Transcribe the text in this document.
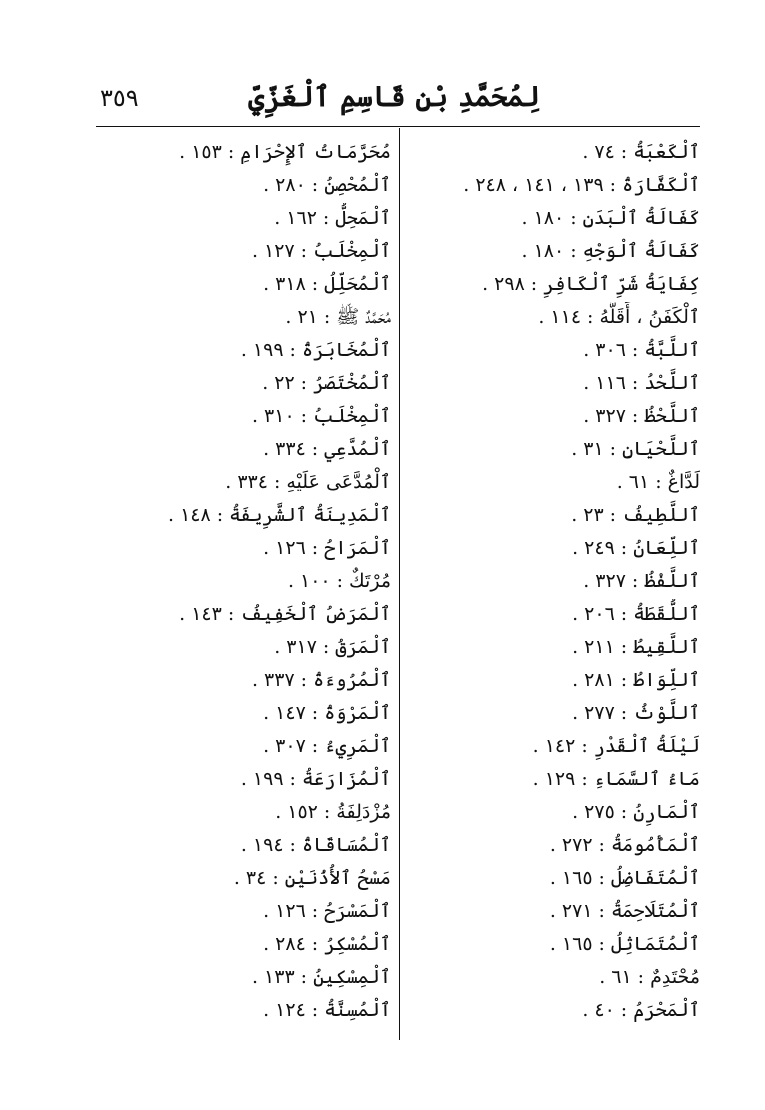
٣٥٩	لِمُحَمَّدِ بْنِ قَاسِمِ ٱلْغَزِّيِّ
ٱلْكَعْبَةُ:٧٤.
ٱلْكَفَّارَةُ:١٣٩ ، ١٤١ ، ٢٤٨.
كَفَالَةُ ٱلْبَدَنِ:١٨٠.
كَفَالَةُ ٱلْوَجْهِ:١٨٠.
كِفَايَةُ شَرِّ ٱلْكَافِرِ:٢٩٨.
ٱلْكَفَنُ ، أَقَلُّهُ:١١٤.
ٱللَّبَّةُ:٣٠٦.
ٱللَّحْدُ:١١٦.
ٱللَّحْظُ:٣٢٧.
ٱللَّحْيَانِ:٣١.
لَدَّاغٌ:٦١.
ٱللَّطِيفُ:٢٣.
ٱللِّعَانُ:٢٤٩.
ٱللَّفْظُ:٣٢٧.
ٱللُّقَطَةُ:٢٠٦.
ٱللَّقِيطُ:٢١١.
ٱللِّوَاطُ:٢٨١.
ٱللَّوْثُ:٢٧٧.
لَيْلَةُ ٱلْقَدْرِ:١٤٢.
مَاءُ ٱلسَّمَاءِ:١٢٩.
ٱلْمَارِنُ:٢٧٥.
ٱلْمَأْمُومَةُ:٢٧٢.
ٱلْمُتَفَاضِلُ:١٦٥.
ٱلْمُتَلَاحِمَةُ:٢٧١.
ٱلْمُتَمَاثِلُ:١٦٥.
مُحْتَدِمٌ:٦١.
ٱلْمَحْرَمُ:٤٠.
مُحَرَّمَاتُ ٱلإِحْرَامِ:١٥٣.
ٱلْمُحْصِنُ:٢٨٠.
ٱلْمَحِلُّ:١٦٢.
ٱلْمِخْلَبُ:١٢٧.
ٱلْمُحَلِّلُ:٣١٨.
مُحَمَّدٌ ﷺ:٢١.
ٱلْمُخَابَرَةُ:١٩٩.
ٱلْمُخْتَصَرُ:٢٢.
ٱلْمِخْلَبُ:٣١٠.
ٱلْمُدَّعِي:٣٣٤.
ٱلْمُدَّعَى عَلَيْهِ:٣٣٤.
ٱلْمَدِينَةُ ٱلشَّرِيفَةُ:١٤٨.
ٱلْمَرَاحُ:١٢٦.
مُرْتَكٌ:١٠٠.
ٱلْمَرَضُ ٱلْخَفِيفُ:١٤٣.
ٱلْمَرَقُ:٣١٧.
ٱلْمُرُوءَةُ:٣٣٧.
ٱلْمَرْوَةُ:١٤٧.
ٱلْمَرِيءُ:٣٠٧.
ٱلْمُزَارَعَةُ:١٩٩.
مُزْدَلِفَةُ:١٥٢.
ٱلْمُسَاقَاةُ:١٩٤.
مَسْحُ ٱلأُذُنَيْنِ:٣٤.
ٱلْمَسْرَحُ:١٢٦.
ٱلْمُسْكِرُ:٢٨٤.
ٱلْمِسْكِينُ:١٣٣.
ٱلْمُسِنَّةُ:١٢٤.
